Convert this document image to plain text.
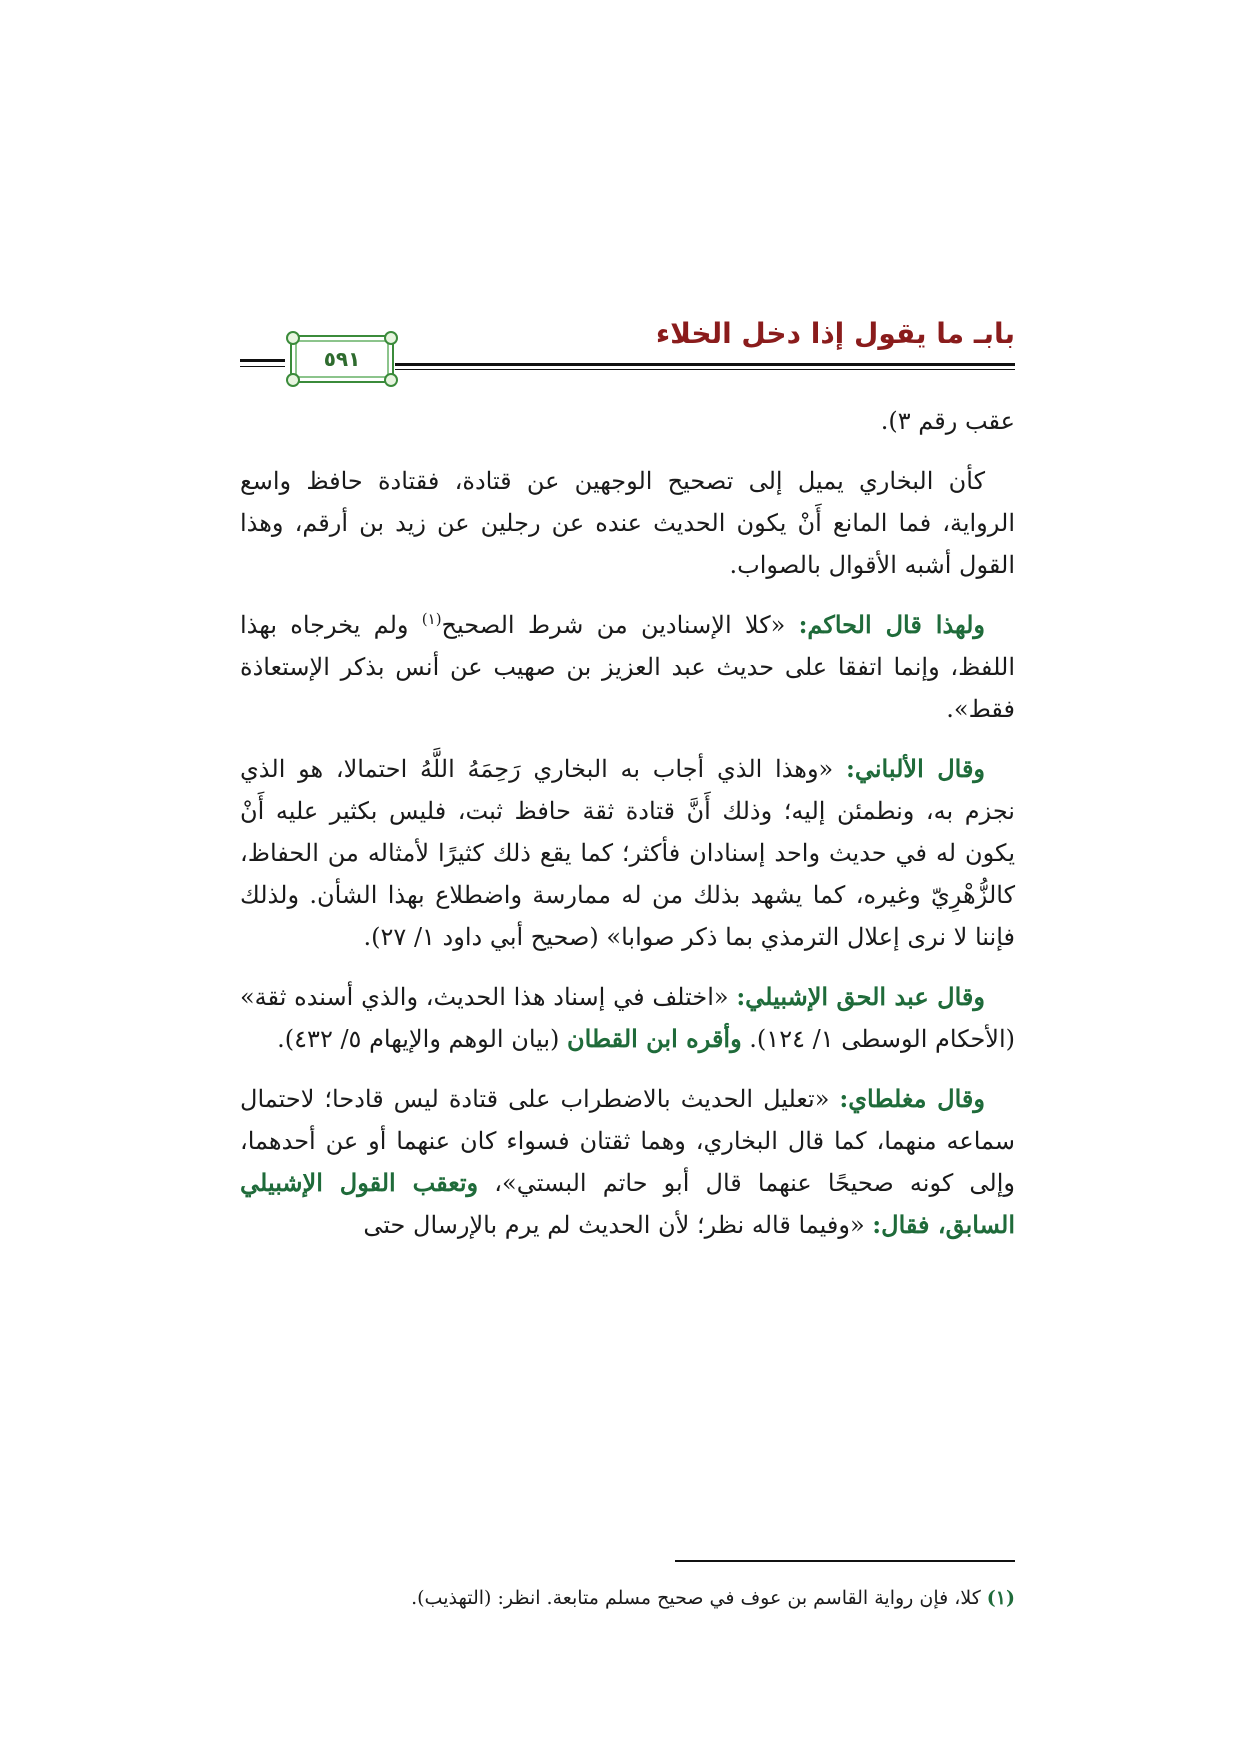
٥٩١
بابـ ما يقول إذا دخل الخلاء

عقب رقم ٣).

كأن البخاري يميل إلى تصحيح الوجهين عن قتادة، فقتادة حافظ واسع الرواية، فما المانع أَنْ يكون الحديث عنده عن رجلين عن زيد بن أرقم، وهذا القول أشبه الأقوال بالصواب.

ولهذا قال الحاكم: «كلا الإسنادين من شرط الصحيح$^{(١)}$ ولم يخرجاه بهذا اللفظ، وإنما اتفقا على حديث عبد العزيز بن صهيب عن أنس بذكر الإستعاذة فقط».

وقال الألباني: «وهذا الذي أجاب به البخاري رَحِمَهُ اللَّهُ احتمالا، هو الذي نجزم به، ونطمئن إليه؛ وذلك أَنَّ قتادة ثقة حافظ ثبت، فليس بكثير عليه أَنْ يكون له في حديث واحد إسنادان فأكثر؛ كما يقع ذلك كثيرًا لأمثاله من الحفاظ، كالزُّهْرِيّ وغيره، كما يشهد بذلك من له ممارسة واضطلاع بهذا الشأن. ولذلك فإننا لا نرى إعلال الترمذي بما ذكر صوابا» (صحيح أبي داود ١/ ٢٧).

وقال عبد الحق الإشبيلي: «اختلف في إسناد هذا الحديث، والذي أسنده ثقة» (الأحكام الوسطى ١/ ١٢٤). وأقره ابن القطان (بيان الوهم والإيهام ٥/ ٤٣٢).

وقال مغلطاي: «تعليل الحديث بالاضطراب على قتادة ليس قادحا؛ لاحتمال سماعه منهما، كما قال البخاري، وهما ثقتان فسواء كان عنهما أو عن أحدهما، وإلى كونه صحيحًا عنهما قال أبو حاتم البستي»، وتعقب القول الإشبيلي السابق، فقال: «وفيما قاله نظر؛ لأن الحديث لم يرم بالإرسال حتى

(١) كلا، فإن رواية القاسم بن عوف في صحيح مسلم متابعة. انظر: (التهذيب).
